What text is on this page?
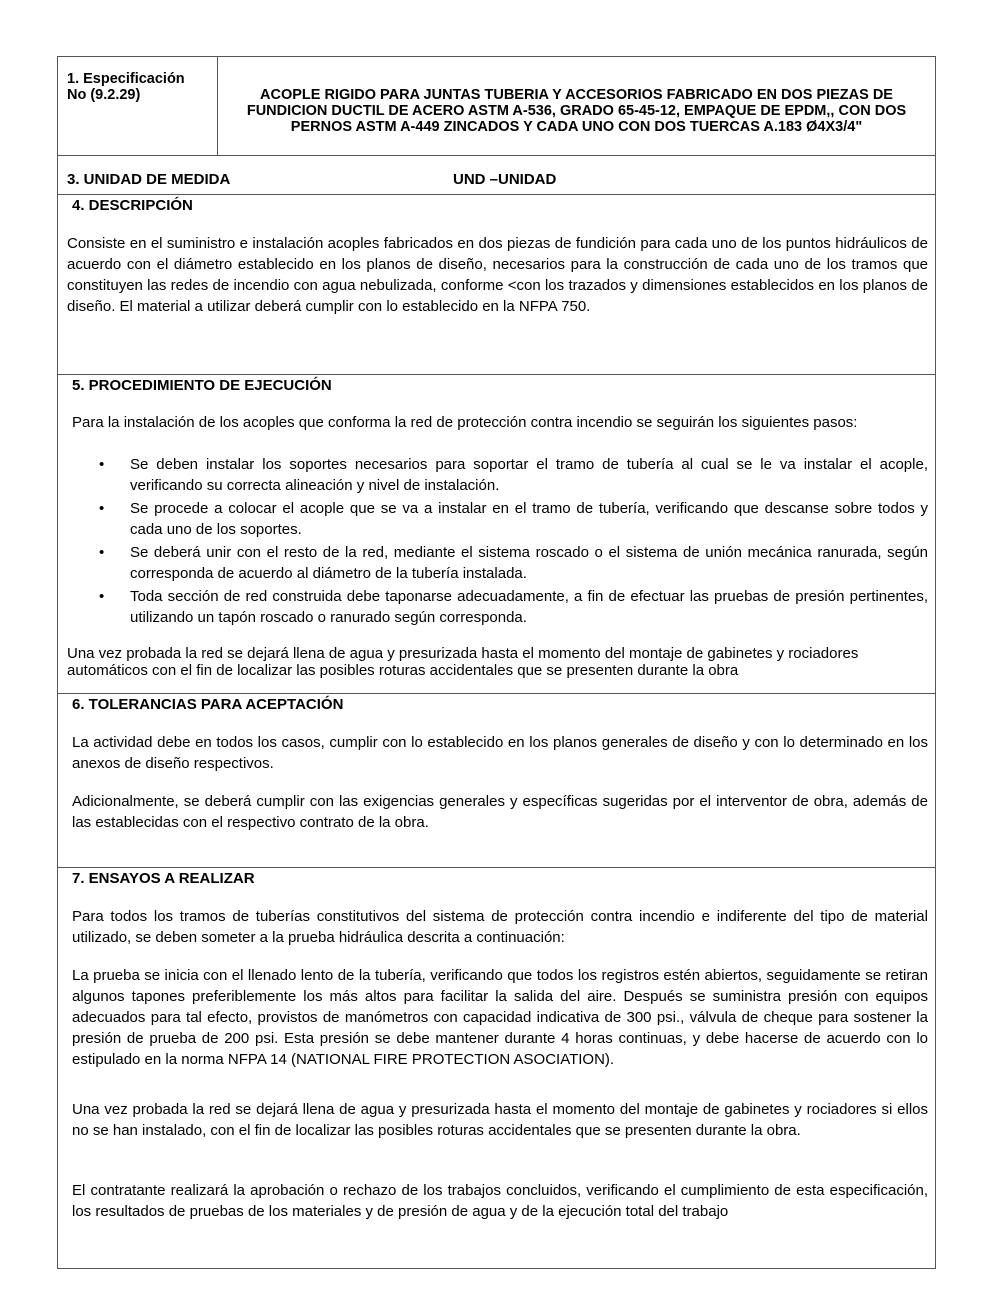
1. Especificación No (9.2.29)	ACOPLE RIGIDO PARA JUNTAS TUBERIA Y ACCESORIOS FABRICADO EN DOS PIEZAS DE FUNDICION DUCTIL DE ACERO ASTM A-536, GRADO 65-45-12, EMPAQUE DE EPDM,, CON DOS PERNOS ASTM A-449 ZINCADOS Y CADA UNO CON DOS TUERCAS A.183 Ø4X3/4"
3. UNIDAD DE MEDIDA	UND –UNIDAD
4. DESCRIPCIÓN
Consiste en el suministro e instalación acoples fabricados en dos piezas de fundición para cada uno de los puntos hidráulicos de acuerdo con el diámetro establecido en los planos de diseño, necesarios para la construcción de cada uno de los tramos que constituyen las redes de incendio con agua nebulizada, conforme <con los trazados y dimensiones establecidos en los planos de diseño. El material a utilizar deberá cumplir con lo establecido en la NFPA 750.
5. PROCEDIMIENTO DE EJECUCIÓN
Para la instalación de los acoples que conforma la red de protección contra incendio se seguirán los siguientes pasos:
• Se deben instalar los soportes necesarios para soportar el tramo de tubería al cual se le va instalar el acople, verificando su correcta alineación y nivel de instalación.
• Se procede a colocar el acople que se va a instalar en el tramo de tubería, verificando que descanse sobre todos y cada uno de los soportes.
• Se deberá unir con el resto de la red, mediante el sistema roscado o el sistema de unión mecánica ranurada, según corresponda de acuerdo al diámetro de la tubería instalada.
• Toda sección de red construida debe taponarse adecuadamente, a fin de efectuar las pruebas de presión pertinentes, utilizando un tapón roscado o ranurado según corresponda.
Una vez probada la red se dejará llena de agua y presurizada hasta el momento del montaje de gabinetes y rociadores automáticos con el fin de localizar las posibles roturas accidentales que se presenten durante la obra
6. TOLERANCIAS PARA ACEPTACIÓN
La actividad debe en todos los casos, cumplir con lo establecido en los planos generales de diseño y con lo determinado en los anexos de diseño respectivos.
Adicionalmente, se deberá cumplir con las exigencias generales y específicas sugeridas por el interventor de obra, además de las establecidas con el respectivo contrato de la obra.
7. ENSAYOS A REALIZAR
Para todos los tramos de tuberías constitutivos del sistema de protección contra incendio e indiferente del tipo de material utilizado, se deben someter a la prueba hidráulica descrita a continuación:
La prueba se inicia con el llenado lento de la tubería, verificando que todos los registros estén abiertos, seguidamente se retiran algunos tapones preferiblemente los más altos para facilitar la salida del aire. Después se suministra presión con equipos adecuados para tal efecto, provistos de manómetros con capacidad indicativa de 300 psi., válvula de cheque para sostener la presión de prueba de 200 psi. Esta presión se debe mantener durante 4 horas continuas, y debe hacerse de acuerdo con lo estipulado en la norma NFPA 14 (NATIONAL FIRE PROTECTION ASOCIATION).
Una vez probada la red se dejará llena de agua y presurizada hasta el momento del montaje de gabinetes y rociadores si ellos no se han instalado, con el fin de localizar las posibles roturas accidentales que se presenten durante la obra.
El contratante realizará la aprobación o rechazo de los trabajos concluidos, verificando el cumplimiento de esta especificación, los resultados de pruebas de los materiales y de presión de agua y de la ejecución total del trabajo
